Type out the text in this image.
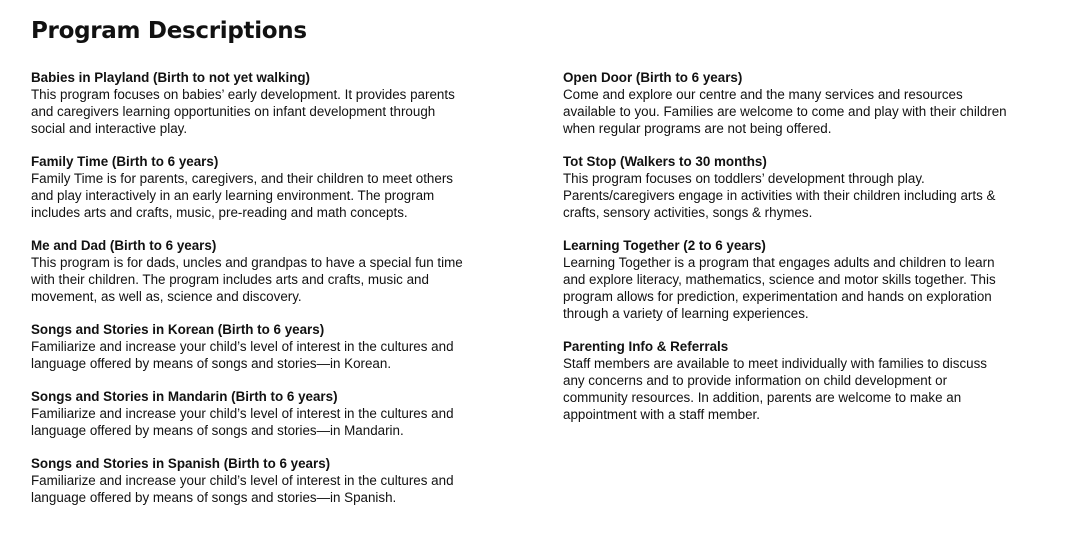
Program Descriptions

Babies in Playland (Birth to not yet walking)

This program focuses on babies’ early development. It provides parents
and caregivers learning opportunities on infant development through
social and interactive play.

Family Time (Birth to 6 years)

Family Time is for parents, caregivers, and their children to meet others
and play interactively in an early learning environment. The program
includes arts and crafts, music, pre-reading and math concepts.

Me and Dad (Birth to 6 years)

This program is for dads, uncles and grandpas to have a special fun time
with their children. The program includes arts and crafts, music and
movement, as well as, science and discovery.

Songs and Stories in Korean (Birth to 6 years)

Familiarize and increase your child’s level of interest in the cultures and
language offered by means of songs and stories—in Korean.

Songs and Stories in Mandarin (Birth to 6 years)

Familiarize and increase your child’s level of interest in the cultures and
language offered by means of songs and stories—in Mandarin.

Songs and Stories in Spanish (Birth to 6 years)

Familiarize and increase your child’s level of interest in the cultures and
language offered by means of songs and stories—in Spanish.

Open Door (Birth to 6 years)

Come and explore our centre and the many services and resources
available to you. Families are welcome to come and play with their children
when regular programs are not being offered.

Tot Stop (Walkers to 30 months)

This program focuses on toddlers’ development through play.
Parents/caregivers engage in activities with their children including arts &
crafts, sensory activities, songs & rhymes.

Learning Together (2 to 6 years)

Learning Together is a program that engages adults and children to learn
and explore literacy, mathematics, science and motor skills together. This
program allows for prediction, experimentation and hands on exploration
through a variety of learning experiences.

Parenting Info & Referrals

Staff members are available to meet individually with families to discuss
any concerns and to provide information on child development or
community resources. In addition, parents are welcome to make an
appointment with a staff member.
